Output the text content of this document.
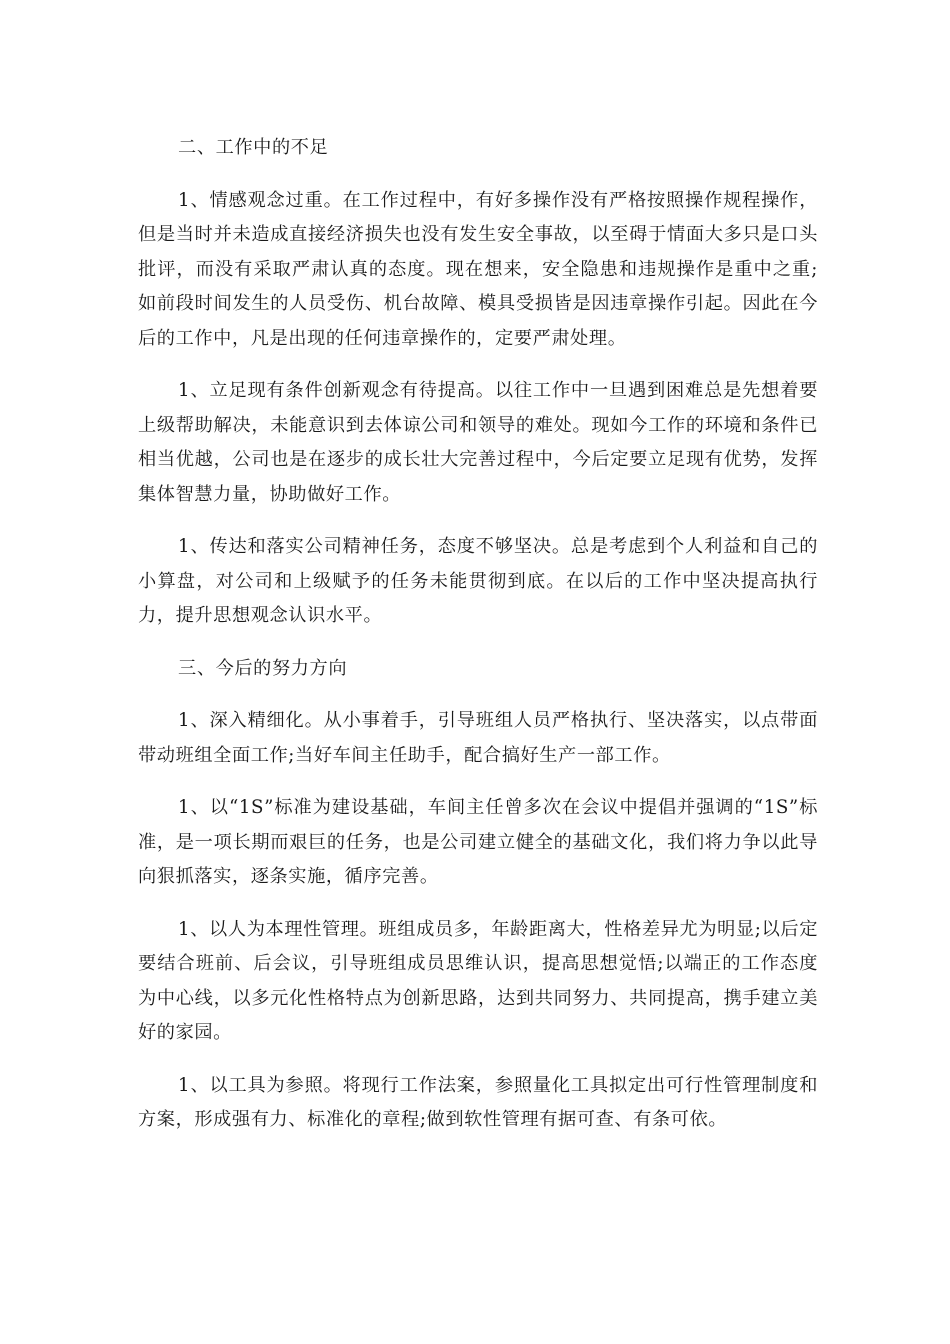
二、工作中的不足

1、情感观念过重。在工作过程中，有好多操作没有严格按照操作规程操作，但是当时并未造成直接经济损失也没有发生安全事故，以至碍于情面大多只是口头批评，而没有采取严肃认真的态度。现在想来，安全隐患和违规操作是重中之重;如前段时间发生的人员受伤、机台故障、模具受损皆是因违章操作引起。因此在今后的工作中，凡是出现的任何违章操作的，定要严肃处理。

1、立足现有条件创新观念有待提高。以往工作中一旦遇到困难总是先想着要上级帮助解决，未能意识到去体谅公司和领导的难处。现如今工作的环境和条件已相当优越，公司也是在逐步的成长壮大完善过程中，今后定要立足现有优势，发挥集体智慧力量，协助做好工作。

1、传达和落实公司精神任务，态度不够坚决。总是考虑到个人利益和自己的小算盘，对公司和上级赋予的任务未能贯彻到底。在以后的工作中坚决提高执行力，提升思想观念认识水平。

三、今后的努力方向

1、深入精细化。从小事着手，引导班组人员严格执行、坚决落实，以点带面带动班组全面工作;当好车间主任助手，配合搞好生产一部工作。

1、以“1S”标准为建设基础，车间主任曾多次在会议中提倡并强调的“1S”标准，是一项长期而艰巨的任务，也是公司建立健全的基础文化，我们将力争以此导向狠抓落实，逐条实施，循序完善。

1、以人为本理性管理。班组成员多，年龄距离大，性格差异尤为明显;以后定要结合班前、后会议，引导班组成员思维认识，提高思想觉悟;以端正的工作态度为中心线，以多元化性格特点为创新思路，达到共同努力、共同提高，携手建立美好的家园。

1、以工具为参照。将现行工作法案，参照量化工具拟定出可行性管理制度和方案，形成强有力、标准化的章程;做到软性管理有据可查、有条可依。
